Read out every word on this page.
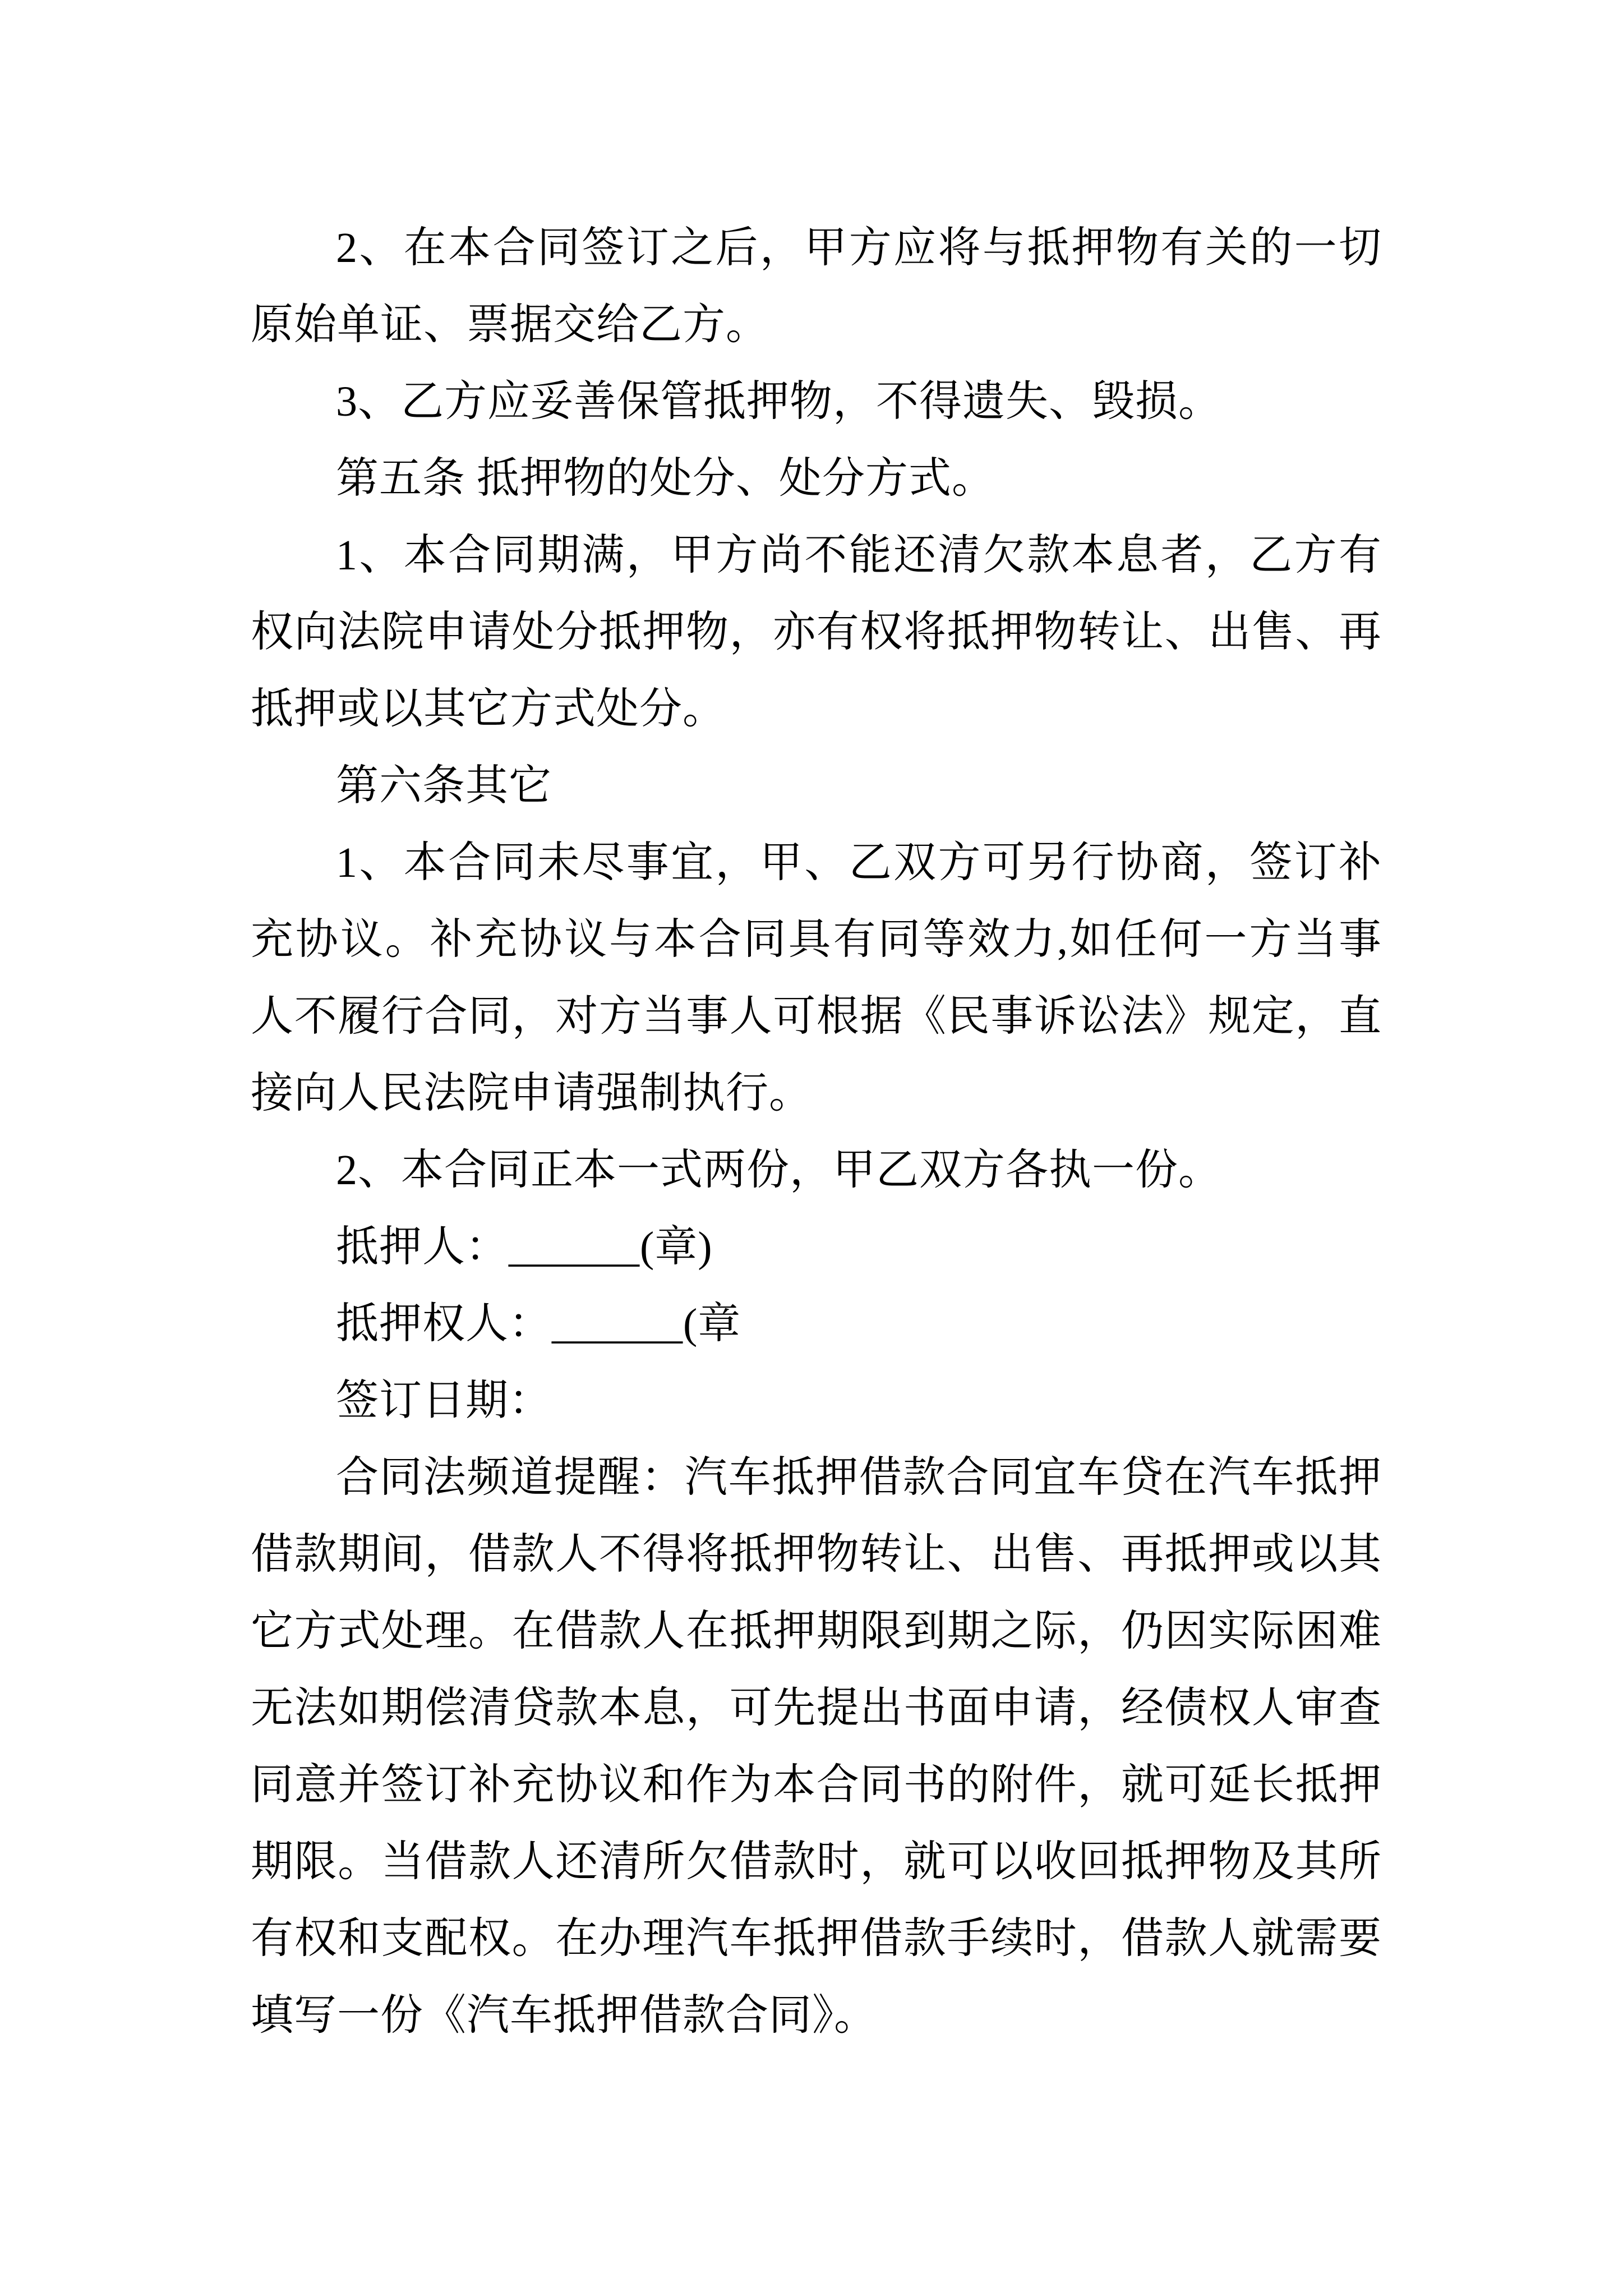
2、在本合同签订之后，甲方应将与抵押物有关的一切
原始单证、票据交给乙方。
3、乙方应妥善保管抵押物，不得遗失、毁损。
第五条 抵押物的处分、处分方式。
1、本合同期满，甲方尚不能还清欠款本息者，乙方有
权向法院申请处分抵押物，亦有权将抵押物转让、出售、再
抵押或以其它方式处分。
第六条其它
1、本合同未尽事宜，甲、乙双方可另行协商，签订补
充协议。补充协议与本合同具有同等效力,如任何一方当事
人不履行合同，对方当事人可根据《民事诉讼法》规定，直
接向人民法院申请强制执行。
2、本合同正本一式两份，甲乙双方各执一份。
抵押人：______(章)
抵押权人：______(章
签订日期：
合同法频道提醒：汽车抵押借款合同宜车贷在汽车抵押
借款期间，借款人不得将抵押物转让、出售、再抵押或以其
它方式处理。在借款人在抵押期限到期之际，仍因实际困难
无法如期偿清贷款本息，可先提出书面申请，经债权人审查
同意并签订补充协议和作为本合同书的附件，就可延长抵押
期限。当借款人还清所欠借款时，就可以收回抵押物及其所
有权和支配权。在办理汽车抵押借款手续时，借款人就需要
填写一份《汽车抵押借款合同》。
